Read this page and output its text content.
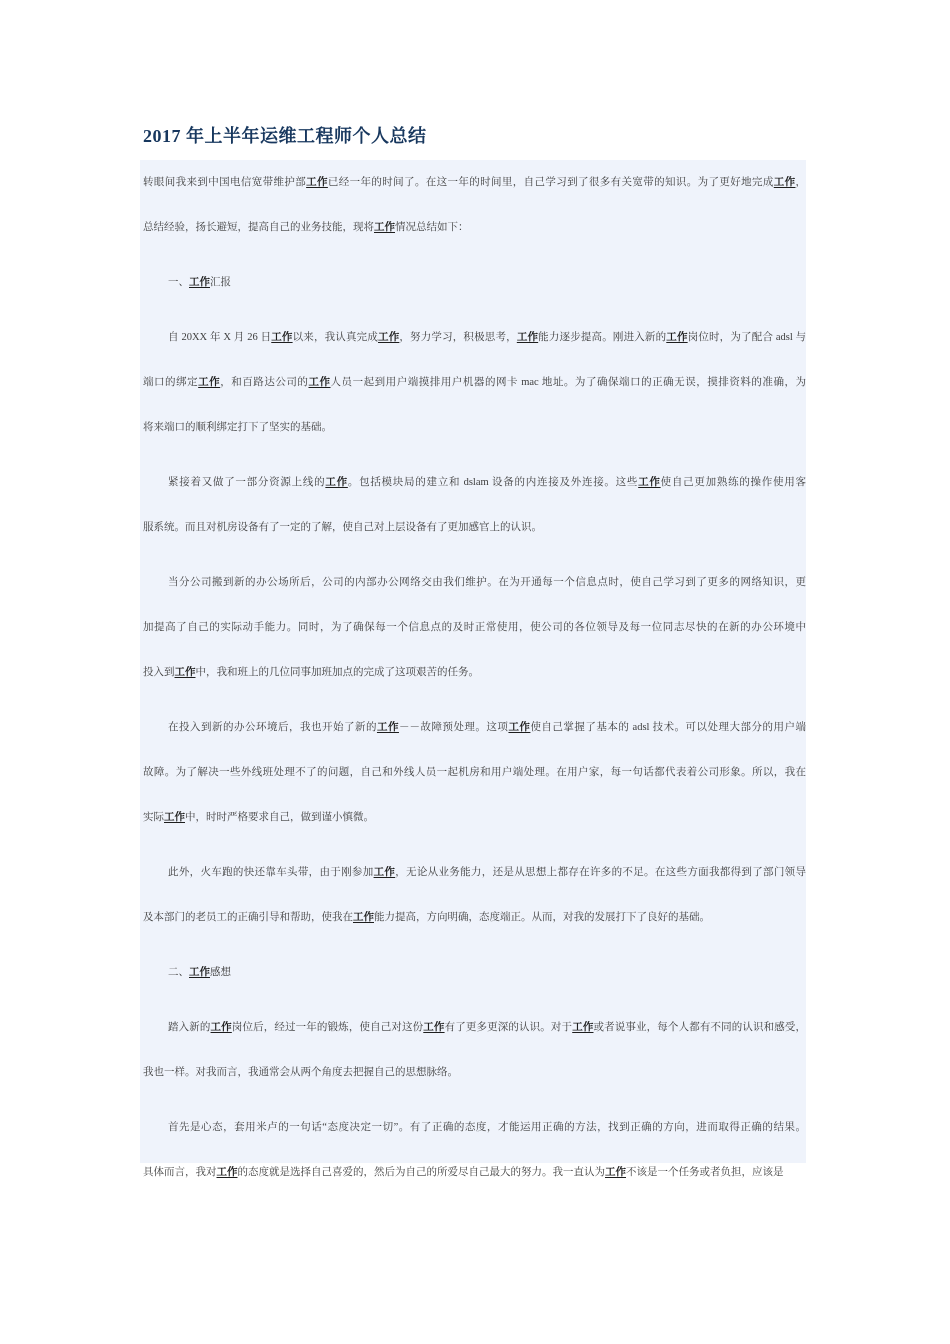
2017 年上半年运维工程师个人总结
转眼间我来到中国电信宽带维护部工作已经一年的时间了。在这一年的时间里，自己学习到了很多有关宽带的知识。为了更好地完成工作，
总结经验，扬长避短，提高自己的业务技能，现将工作情况总结如下：
一、工作汇报
自 20XX 年 X 月 26 日工作以来，我认真完成工作，努力学习，积极思考，工作能力逐步提高。刚进入新的工作岗位时，为了配合 adsl 与
端口的绑定工作，和百路达公司的工作人员一起到用户端摸排用户机器的网卡 mac 地址。为了确保端口的正确无误，摸排资料的准确，为
将来端口的顺利绑定打下了坚实的基础。
紧接着又做了一部分资源上线的工作。包括模块局的建立和 dslam 设备的内连接及外连接。这些工作使自己更加熟练的操作使用客
服系统。而且对机房设备有了一定的了解，使自己对上层设备有了更加感官上的认识。
当分公司搬到新的办公场所后，公司的内部办公网络交由我们维护。在为开通每一个信息点时，使自己学习到了更多的网络知识，更
加提高了自己的实际动手能力。同时，为了确保每一个信息点的及时正常使用，使公司的各位领导及每一位同志尽快的在新的办公环境中
投入到工作中，我和班上的几位同事加班加点的完成了这项艰苦的任务。
在投入到新的办公环境后，我也开始了新的工作－－故障预处理。这项工作使自己掌握了基本的 adsl 技术。可以处理大部分的用户端
故障。为了解决一些外线班处理不了的问题，自己和外线人员一起机房和用户端处理。在用户家，每一句话都代表着公司形象。所以，我在
实际工作中，时时严格要求自己，做到谨小慎微。
此外，火车跑的快还靠车头带，由于刚参加工作，无论从业务能力，还是从思想上都存在许多的不足。在这些方面我都得到了部门领导
及本部门的老员工的正确引导和帮助，使我在工作能力提高，方向明确，态度端正。从而，对我的发展打下了良好的基础。
二、工作感想
踏入新的工作岗位后，经过一年的锻炼，使自己对这份工作有了更多更深的认识。对于工作或者说事业，每个人都有不同的认识和感受，
我也一样。对我而言，我通常会从两个角度去把握自己的思想脉络。
首先是心态，套用米卢的一句话“态度决定一切”。有了正确的态度，才能运用正确的方法，找到正确的方向，进而取得正确的结果。
具体而言，我对工作的态度就是选择自己喜爱的，然后为自己的所爱尽自己最大的努力。我一直认为工作不该是一个任务或者负担，应该是
